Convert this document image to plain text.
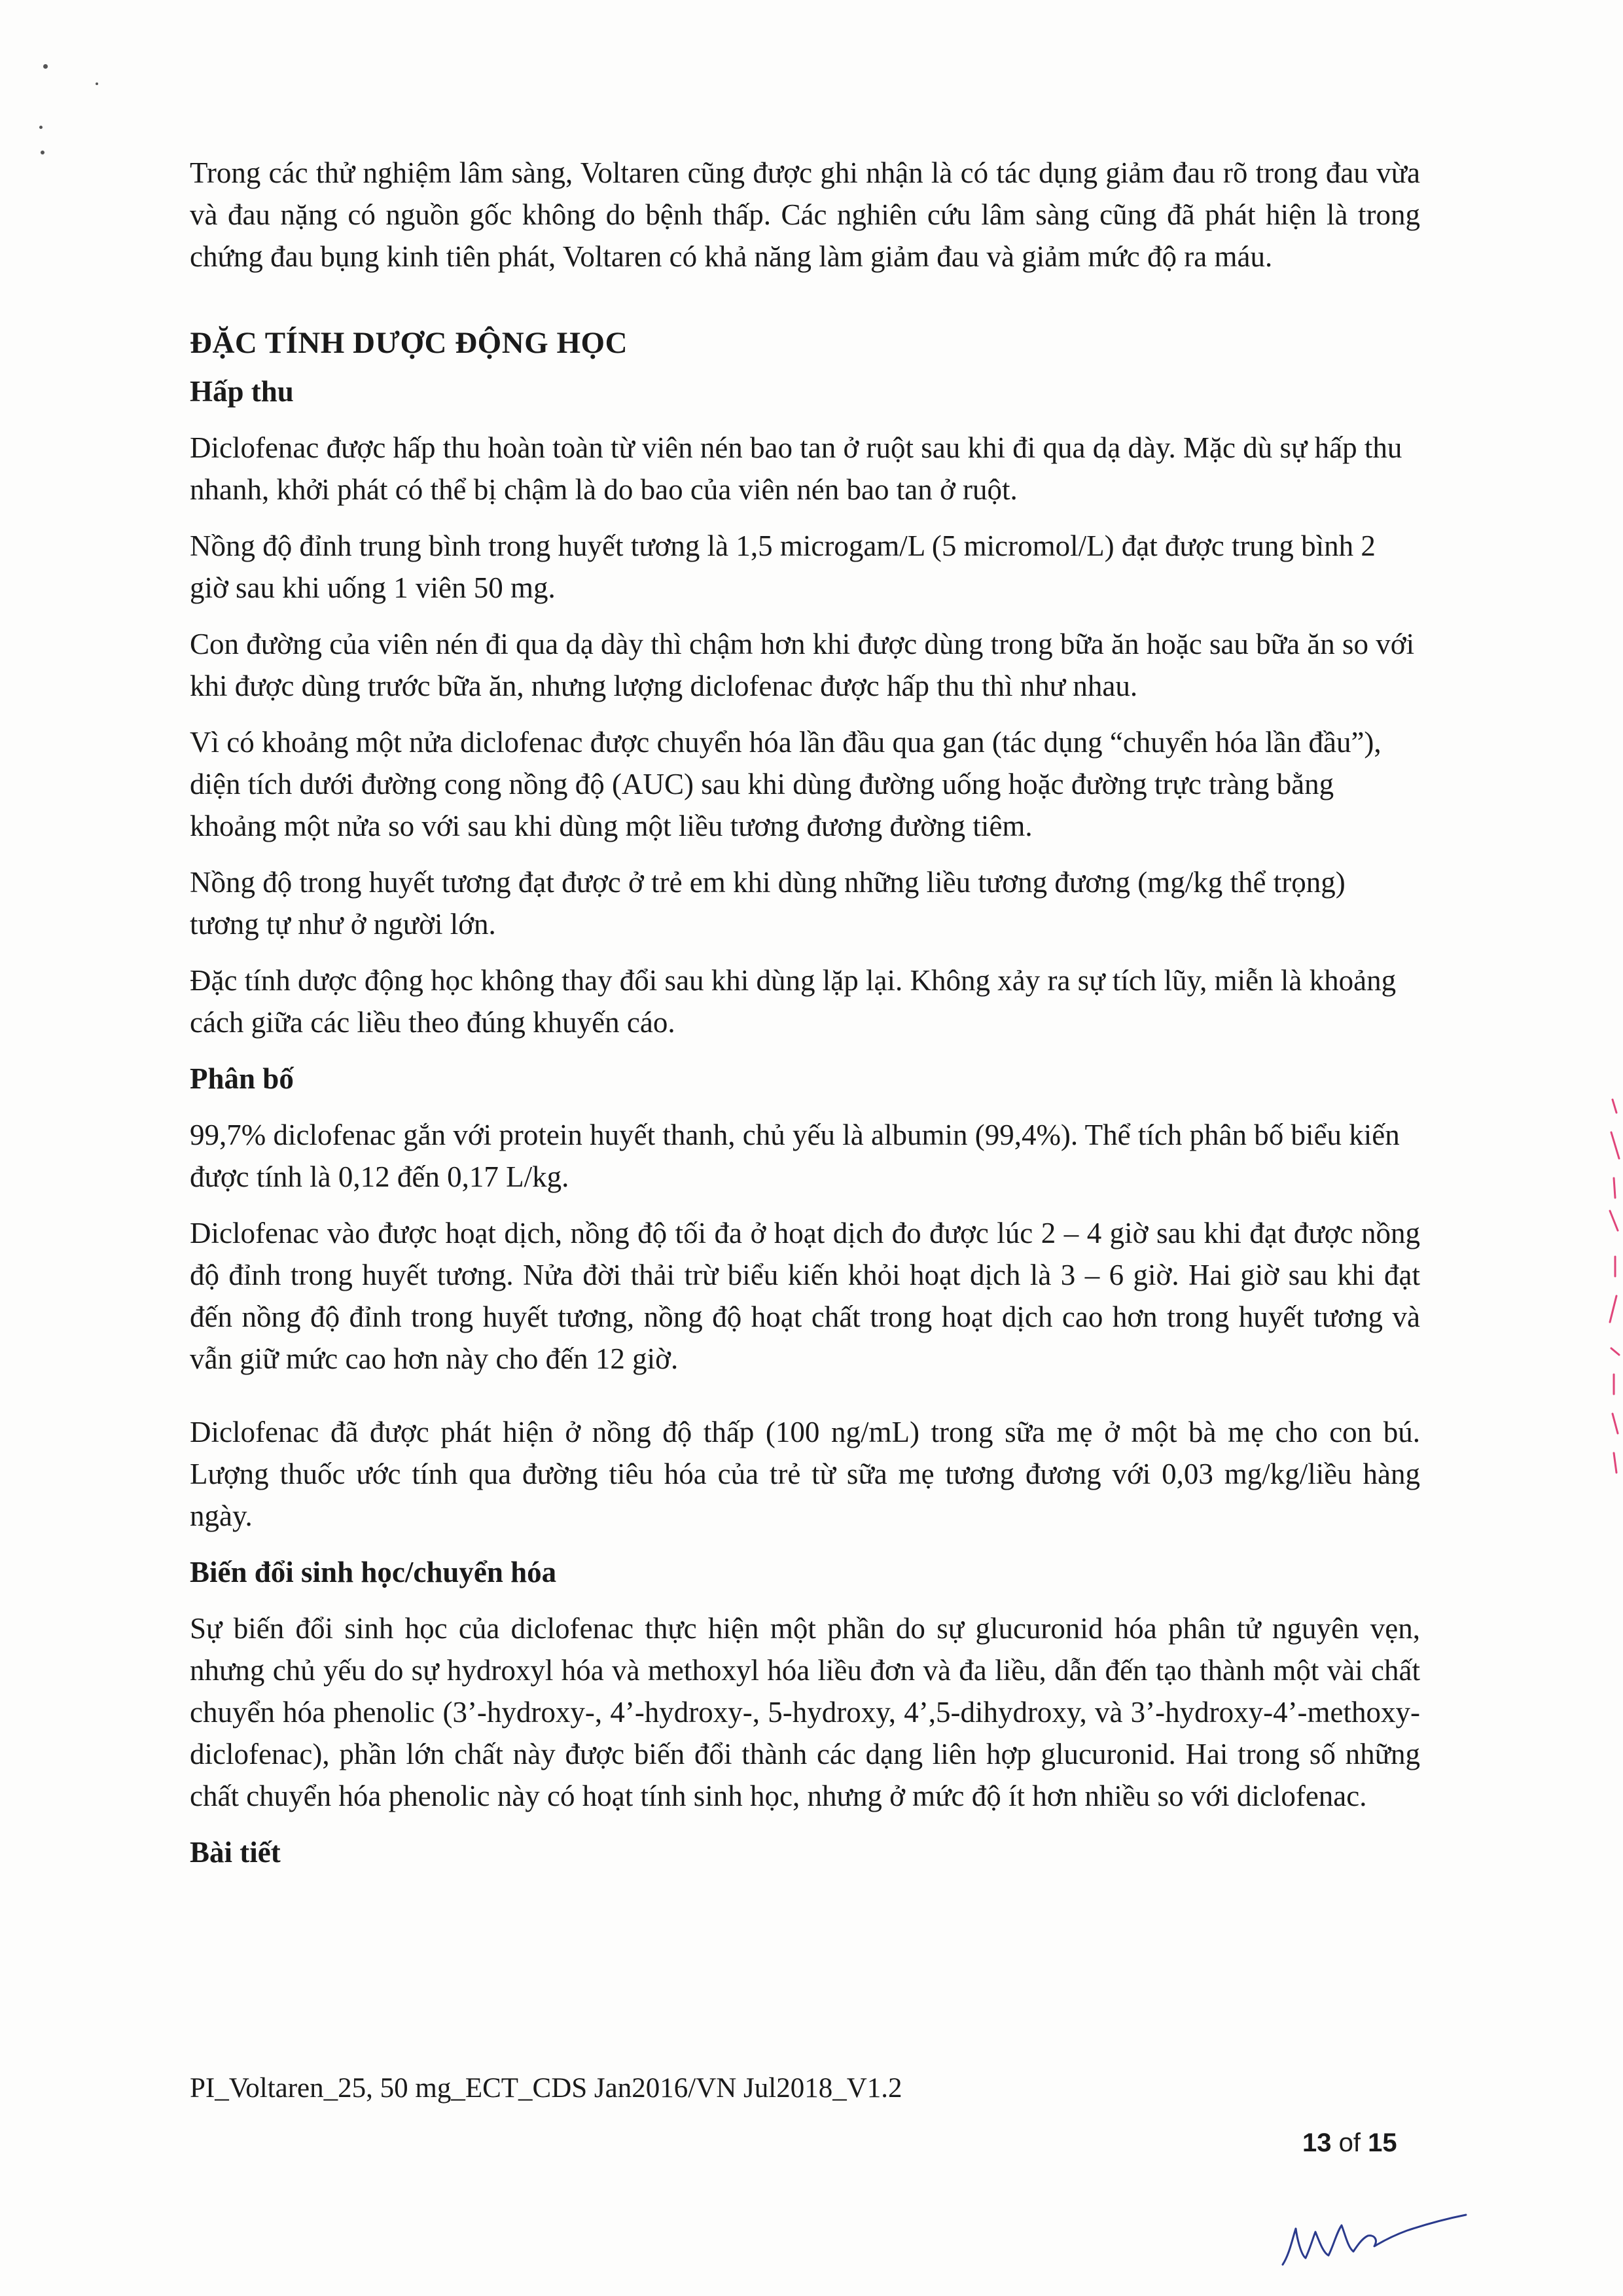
Trong các thử nghiệm lâm sàng, Voltaren cũng được ghi nhận là có tác dụng giảm đau rõ trong đau vừa và đau nặng có nguồn gốc không do bệnh thấp. Các nghiên cứu lâm sàng cũng đã phát hiện là trong chứng đau bụng kinh tiên phát, Voltaren có khả năng làm giảm đau và giảm mức độ ra máu.

ĐẶC TÍNH DƯỢC ĐỘNG HỌC
Hấp thu

Diclofenac được hấp thu hoàn toàn từ viên nén bao tan ở ruột sau khi đi qua dạ dày. Mặc dù sự hấp thu nhanh, khởi phát có thể bị chậm là do bao của viên nén bao tan ở ruột.

Nồng độ đỉnh trung bình trong huyết tương là 1,5 microgam/L (5 micromol/L) đạt được trung bình 2 giờ sau khi uống 1 viên 50 mg.

Con đường của viên nén đi qua dạ dày thì chậm hơn khi được dùng trong bữa ăn hoặc sau bữa ăn so với khi được dùng trước bữa ăn, nhưng lượng diclofenac được hấp thu thì như nhau.

Vì có khoảng một nửa diclofenac được chuyển hóa lần đầu qua gan (tác dụng “chuyển hóa lần đầu”), diện tích dưới đường cong nồng độ (AUC) sau khi dùng đường uống hoặc đường trực tràng bằng khoảng một nửa so với sau khi dùng một liều tương đương đường tiêm.

Nồng độ trong huyết tương đạt được ở trẻ em khi dùng những liều tương đương (mg/kg thể trọng) tương tự như ở người lớn.

Đặc tính dược động học không thay đổi sau khi dùng lặp lại. Không xảy ra sự tích lũy, miễn là khoảng cách giữa các liều theo đúng khuyến cáo.

Phân bố

99,7% diclofenac gắn với protein huyết thanh, chủ yếu là albumin (99,4%). Thể tích phân bố biểu kiến được tính là 0,12 đến 0,17 L/kg.

Diclofenac vào được hoạt dịch, nồng độ tối đa ở hoạt dịch đo được lúc 2 – 4 giờ sau khi đạt được nồng độ đỉnh trong huyết tương. Nửa đời thải trừ biểu kiến khỏi hoạt dịch là 3 – 6 giờ. Hai giờ sau khi đạt đến nồng độ đỉnh trong huyết tương, nồng độ hoạt chất trong hoạt dịch cao hơn trong huyết tương và vẫn giữ mức cao hơn này cho đến 12 giờ.

Diclofenac đã được phát hiện ở nồng độ thấp (100 ng/mL) trong sữa mẹ ở một bà mẹ cho con bú. Lượng thuốc ước tính qua đường tiêu hóa của trẻ từ sữa mẹ tương đương với 0,03 mg/kg/liều hàng ngày.

Biến đổi sinh học/chuyển hóa

Sự biến đổi sinh học của diclofenac thực hiện một phần do sự glucuronid hóa phân tử nguyên vẹn, nhưng chủ yếu do sự hydroxyl hóa và methoxyl hóa liều đơn và đa liều, dẫn đến tạo thành một vài chất chuyển hóa phenolic (3’-hydroxy-, 4’-hydroxy-, 5-hydroxy, 4’,5-dihydroxy, và 3’-hydroxy-4’-methoxy-diclofenac), phần lớn chất này được biến đổi thành các dạng liên hợp glucuronid. Hai trong số những chất chuyển hóa phenolic này có hoạt tính sinh học, nhưng ở mức độ ít hơn nhiều so với diclofenac.

Bài tiết
PI_Voltaren_25, 50 mg_ECT_CDS Jan2016/VN Jul2018_V1.2
13 of 15
